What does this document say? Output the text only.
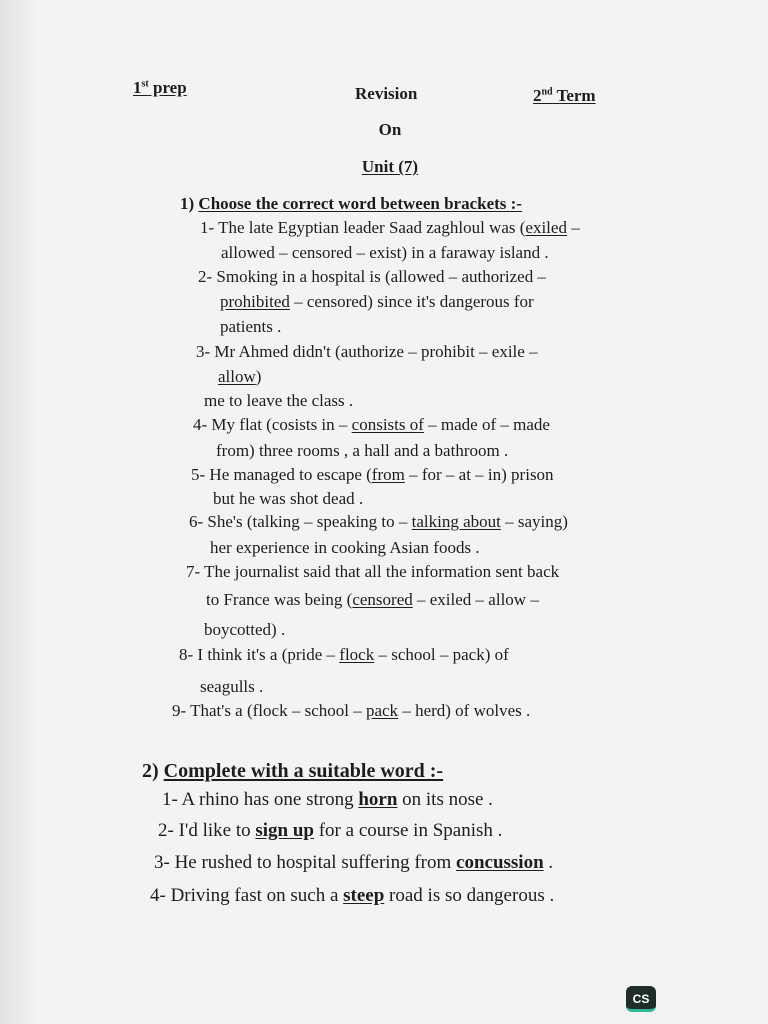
1st prep	Revision	2nd Term
On
Unit (7)
1) Choose the correct word between brackets :-
1- The late Egyptian leader Saad zaghloul was (exiled –
allowed – censored – exist) in a faraway island .
2- Smoking in a hospital is (allowed – authorized –
prohibited – censored) since it's dangerous for
patients .
3- Mr Ahmed didn't (authorize – prohibit – exile –
allow)
me to leave the class .
4- My flat (cosists in – consists of – made of – made
from) three rooms , a hall and a bathroom .
5- He managed to escape (from – for – at – in) prison
but he was shot dead .
6- She's (talking – speaking to – talking about – saying)
her experience in cooking Asian foods .
7- The journalist said that all the information sent back
to France was being (censored – exiled – allow –
boycotted) .
8- I think it's a (pride – flock – school – pack) of
seagulls .
9- That's a (flock – school – pack – herd) of wolves .
2) Complete with a suitable word :-
1- A rhino has one strong horn on its nose .
2- I'd like to sign up for a course in Spanish .
3- He rushed to hospital suffering from concussion .
4- Driving fast on such a steep road is so dangerous .
CS
